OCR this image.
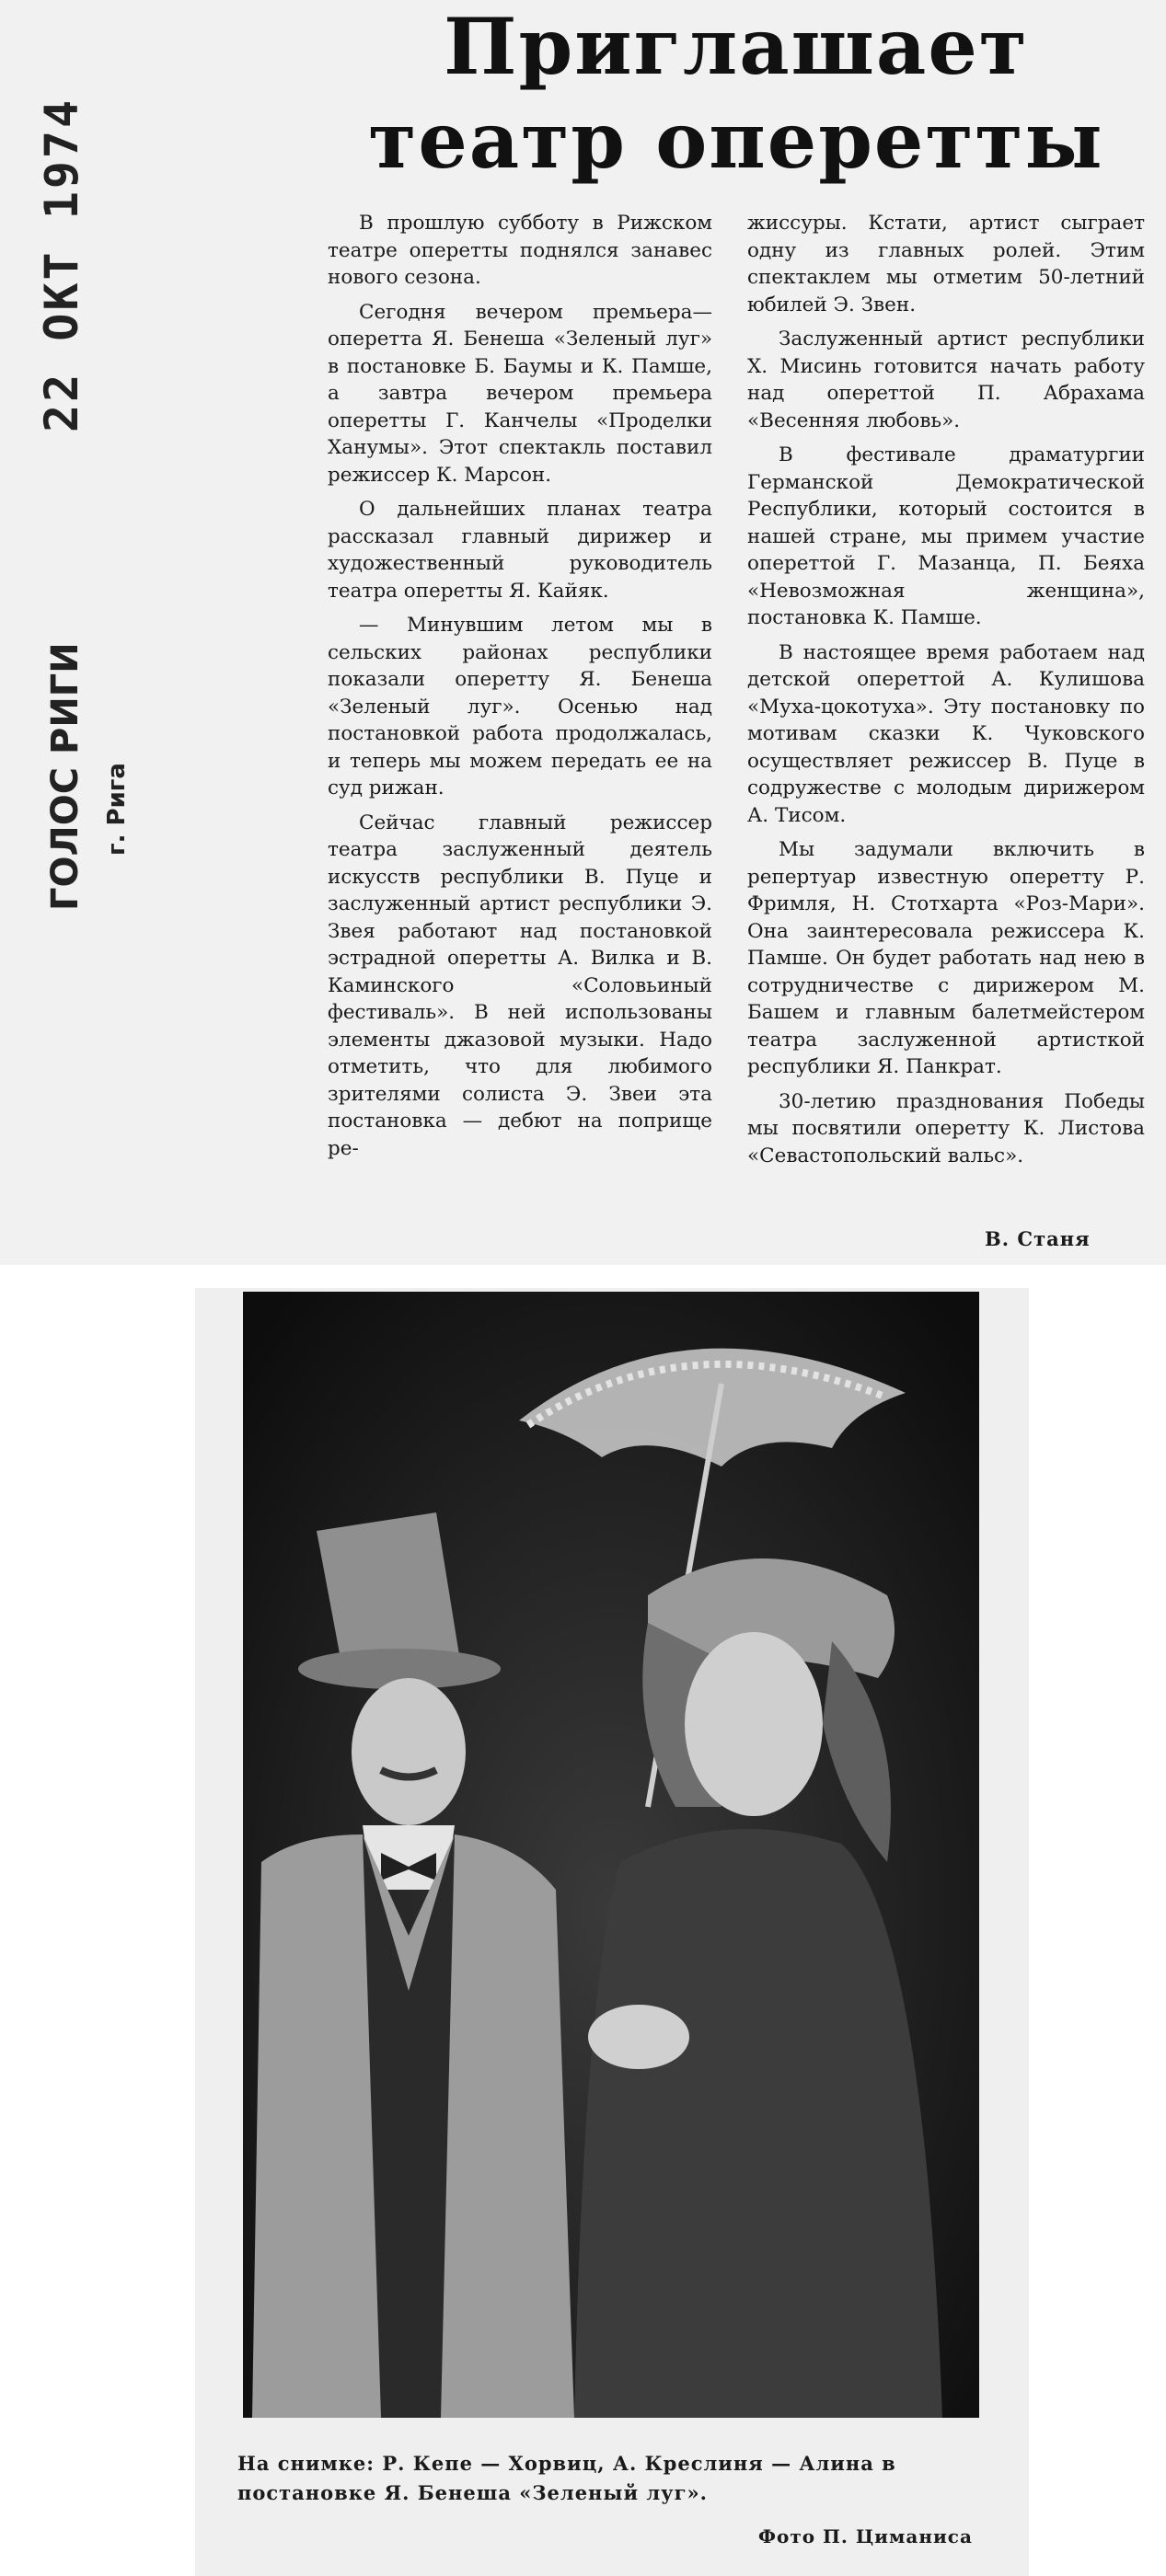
22 ОКТ 1974
ГОЛОС РИГИ г. Рига
Приглашает театр оперетты

В прошлую субботу в Рижском театре оперетты поднялся занавес нового сезона.

Сегодня вечером премьера— оперетта Я. Бенеша «Зеленый луг» в постановке Б. Баумы и К. Памше, а завтра вечером премьера оперетты Г. Канчелы «Проделки Ханумы». Этот спектакль поставил режиссер К. Марсон.

О дальнейших планах театра рассказал главный дирижер и художественный руководитель театра оперетты Я. Кайяк.

— Минувшим летом мы в сельских районах республики показали оперетту Я. Бенеша «Зеленый луг». Осенью над постановкой работа продолжалась, и теперь мы можем передать ее на суд рижан.

Сейчас главный режиссер театра заслуженный деятель искусств республики В. Пуце и заслуженный артист республики Э. Звея работают над постановкой эстрадной оперетты А. Вилка и В. Каминского «Соловьиный фестиваль». В ней использованы элементы джазовой музыки. Надо отметить, что для любимого зрителями солиста Э. Звеи эта постановка — дебют на поприще ре-

жиссуры. Кстати, артист сыграет одну из главных ролей. Этим спектаклем мы отметим 50-летний юбилей Э. Звен.

Заслуженный артист республики Х. Мисинь готовится начать работу над опереттой П. Абрахама «Весенняя любовь».

В фестивале драматургии Германской Демократической Республики, который состоится в нашей стране, мы примем участие опереттой Г. Мазанца, П. Беяха «Невозможная женщина», постановка К. Памше.

В настоящее время работаем над детской опереттой А. Кулишова «Муха-цокотуха». Эту постановку по мотивам сказки К. Чуковского осуществляет режиссер В. Пуце в содружестве с молодым дирижером А. Тисом.

Мы задумали включить в репертуар известную оперетту Р. Фримля, Н. Стотхарта «Роз-Мари». Она заинтересовала режиссера К. Памше. Он будет работать над нею в сотрудничестве с дирижером М. Башем и главным балетмейстером театра заслуженной артисткой республики Я. Панкрат.

30-летию празднования Победы мы посвятили оперетту К. Листова «Севастопольский вальс».

В. Станя
На снимке: Р. Кепе — Хорвиц, А. Креслиня — Алина в постановке Я. Бенеша «Зеленый луг».
Фото П. Циманиса
